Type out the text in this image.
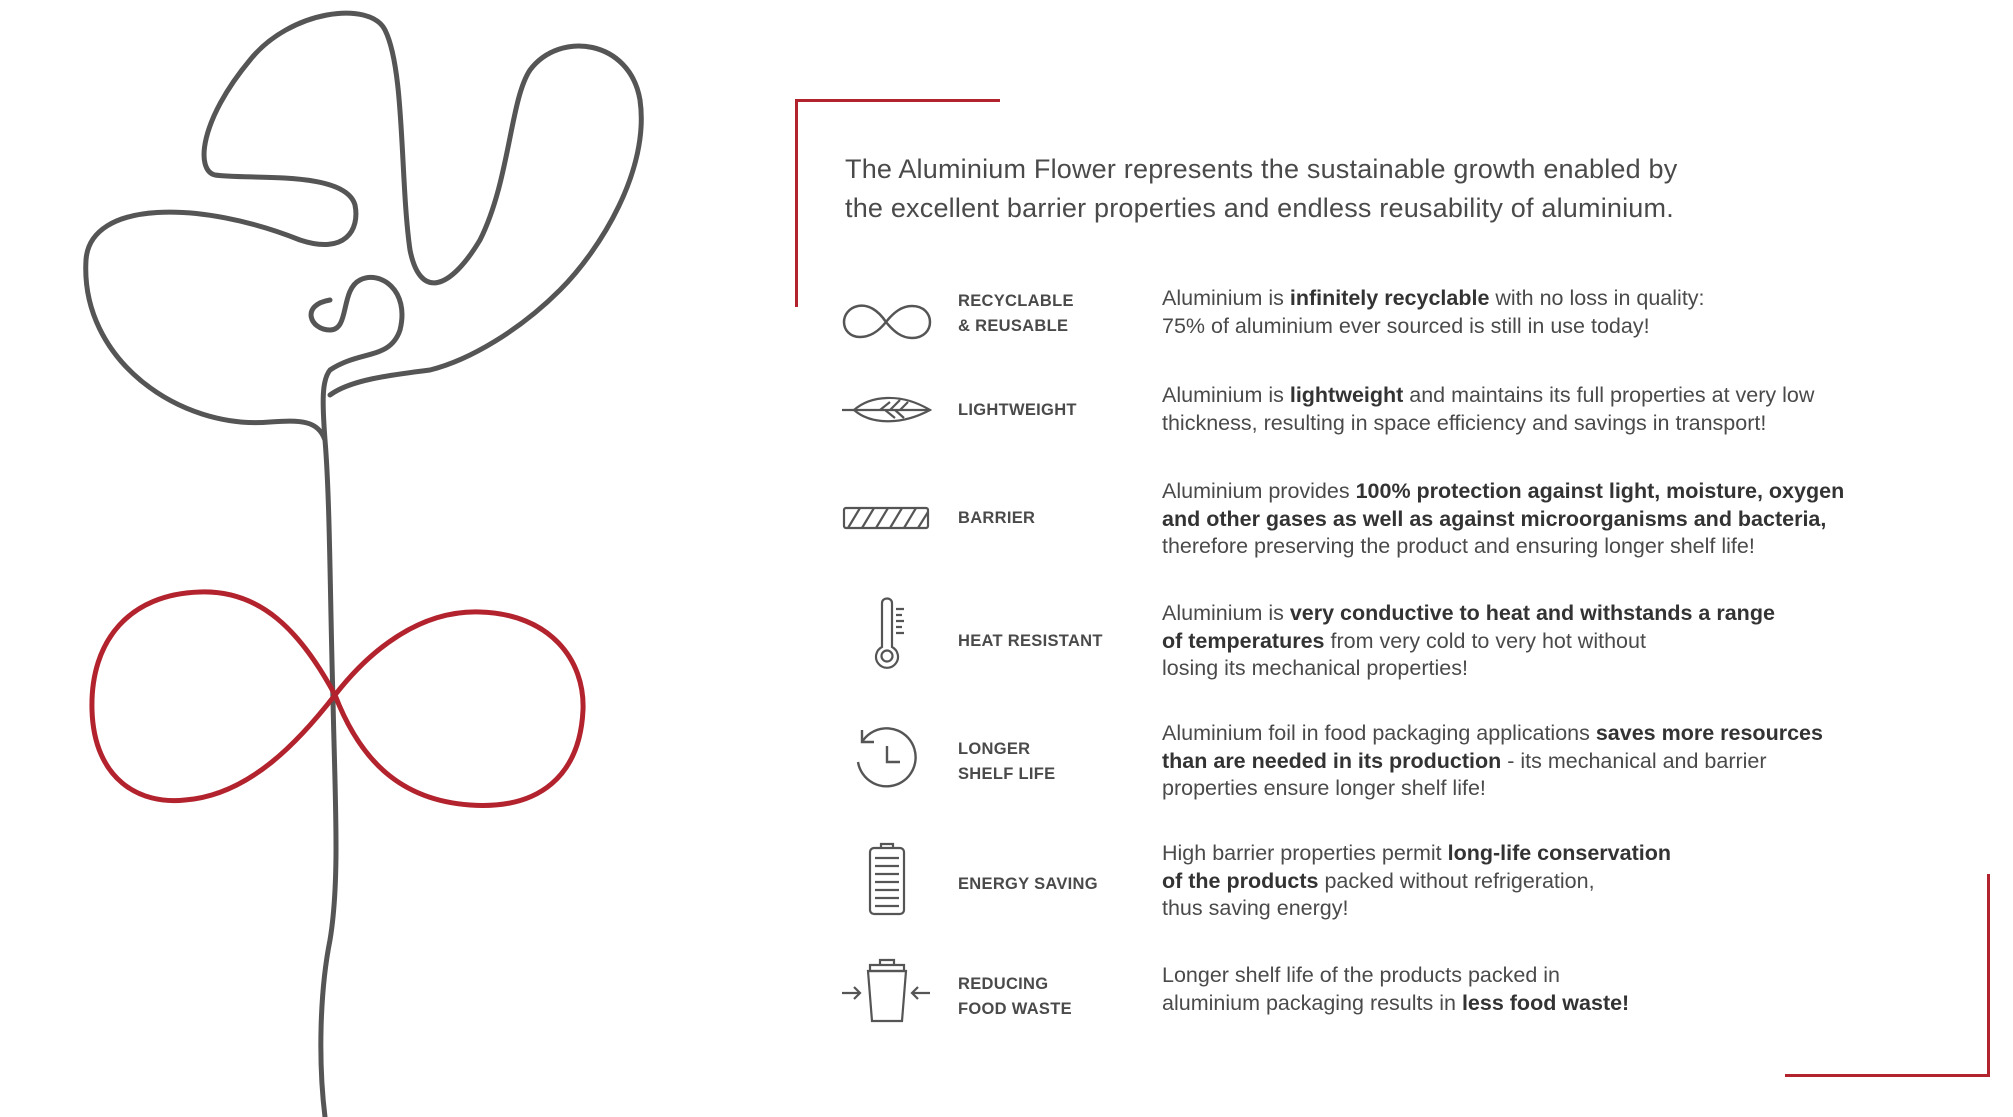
The Aluminium Flower represents the sustainable growth enabled by
the excellent barrier properties and endless reusability of aluminium.
RECYCLABLE
& REUSABLE
Aluminium is infinitely recyclable with no loss in quality:
75% of aluminium ever sourced is still in use today!
LIGHTWEIGHT
Aluminium is lightweight and maintains its full properties at very low
thickness, resulting in space efficiency and savings in transport!
BARRIER
Aluminium provides 100% protection against light, moisture, oxygen
and other gases as well as against microorganisms and bacteria,
therefore preserving the product and ensuring longer shelf life!
HEAT RESISTANT
Aluminium is very conductive to heat and withstands a range
of temperatures from very cold to very hot without
losing its mechanical properties!
LONGER
SHELF LIFE
Aluminium foil in food packaging applications saves more resources
than are needed in its production - its mechanical and barrier
properties ensure longer shelf life!
ENERGY SAVING
High barrier properties permit long-life conservation
of the products packed without refrigeration,
thus saving energy!
REDUCING
FOOD WASTE
Longer shelf life of the products packed in
aluminium packaging results in less food waste!
